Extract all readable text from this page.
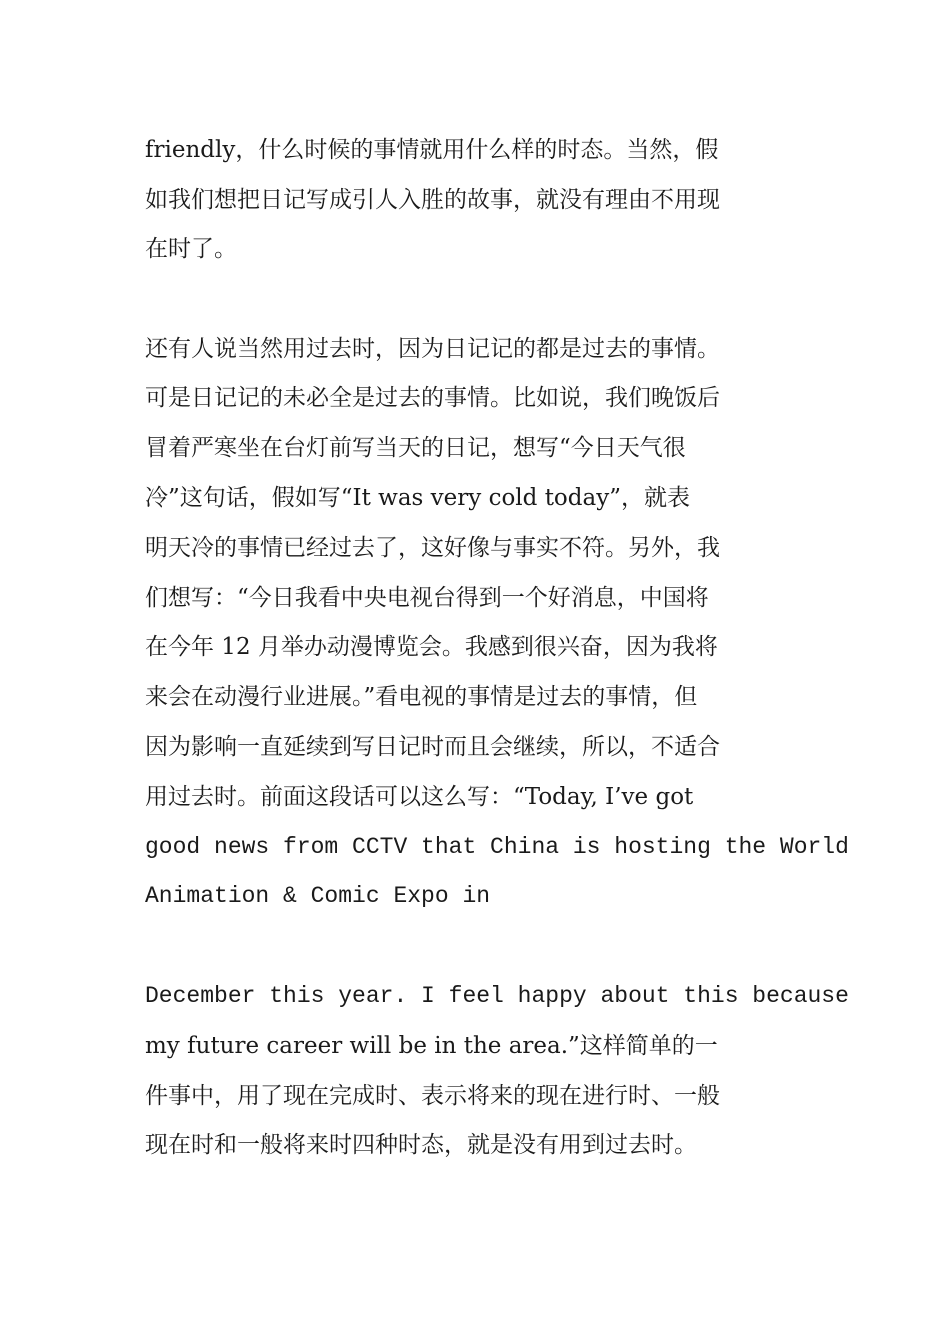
friendly，什么时候的事情就用什么样的时态。当然，假
如我们想把日记写成引人入胜的故事，就没有理由不用现
在时了。
还有人说当然用过去时，因为日记记的都是过去的事情。
可是日记记的未必全是过去的事情。比如说，我们晚饭后
冒着严寒坐在台灯前写当天的日记，想写“今日天气很
冷”这句话，假如写“It was very cold today”，就表
明天冷的事情已经过去了，这好像与事实不符。另外，我
们想写：“今日我看中央电视台得到一个好消息，中国将
在今年 12 月举办动漫博览会。我感到很兴奋，因为我将
来会在动漫行业进展。”看电视的事情是过去的事情，但
因为影响一直延续到写日记时而且会继续，所以，不适合
用过去时。前面这段话可以这么写：“Today, I’ve got
good news from CCTV that China is hosting the World
Animation & Comic Expo in
December this year. I feel happy about this because
my future career will be in the area.”这样简单的一
件事中，用了现在完成时、表示将来的现在进行时、一般
现在时和一般将来时四种时态，就是没有用到过去时。
